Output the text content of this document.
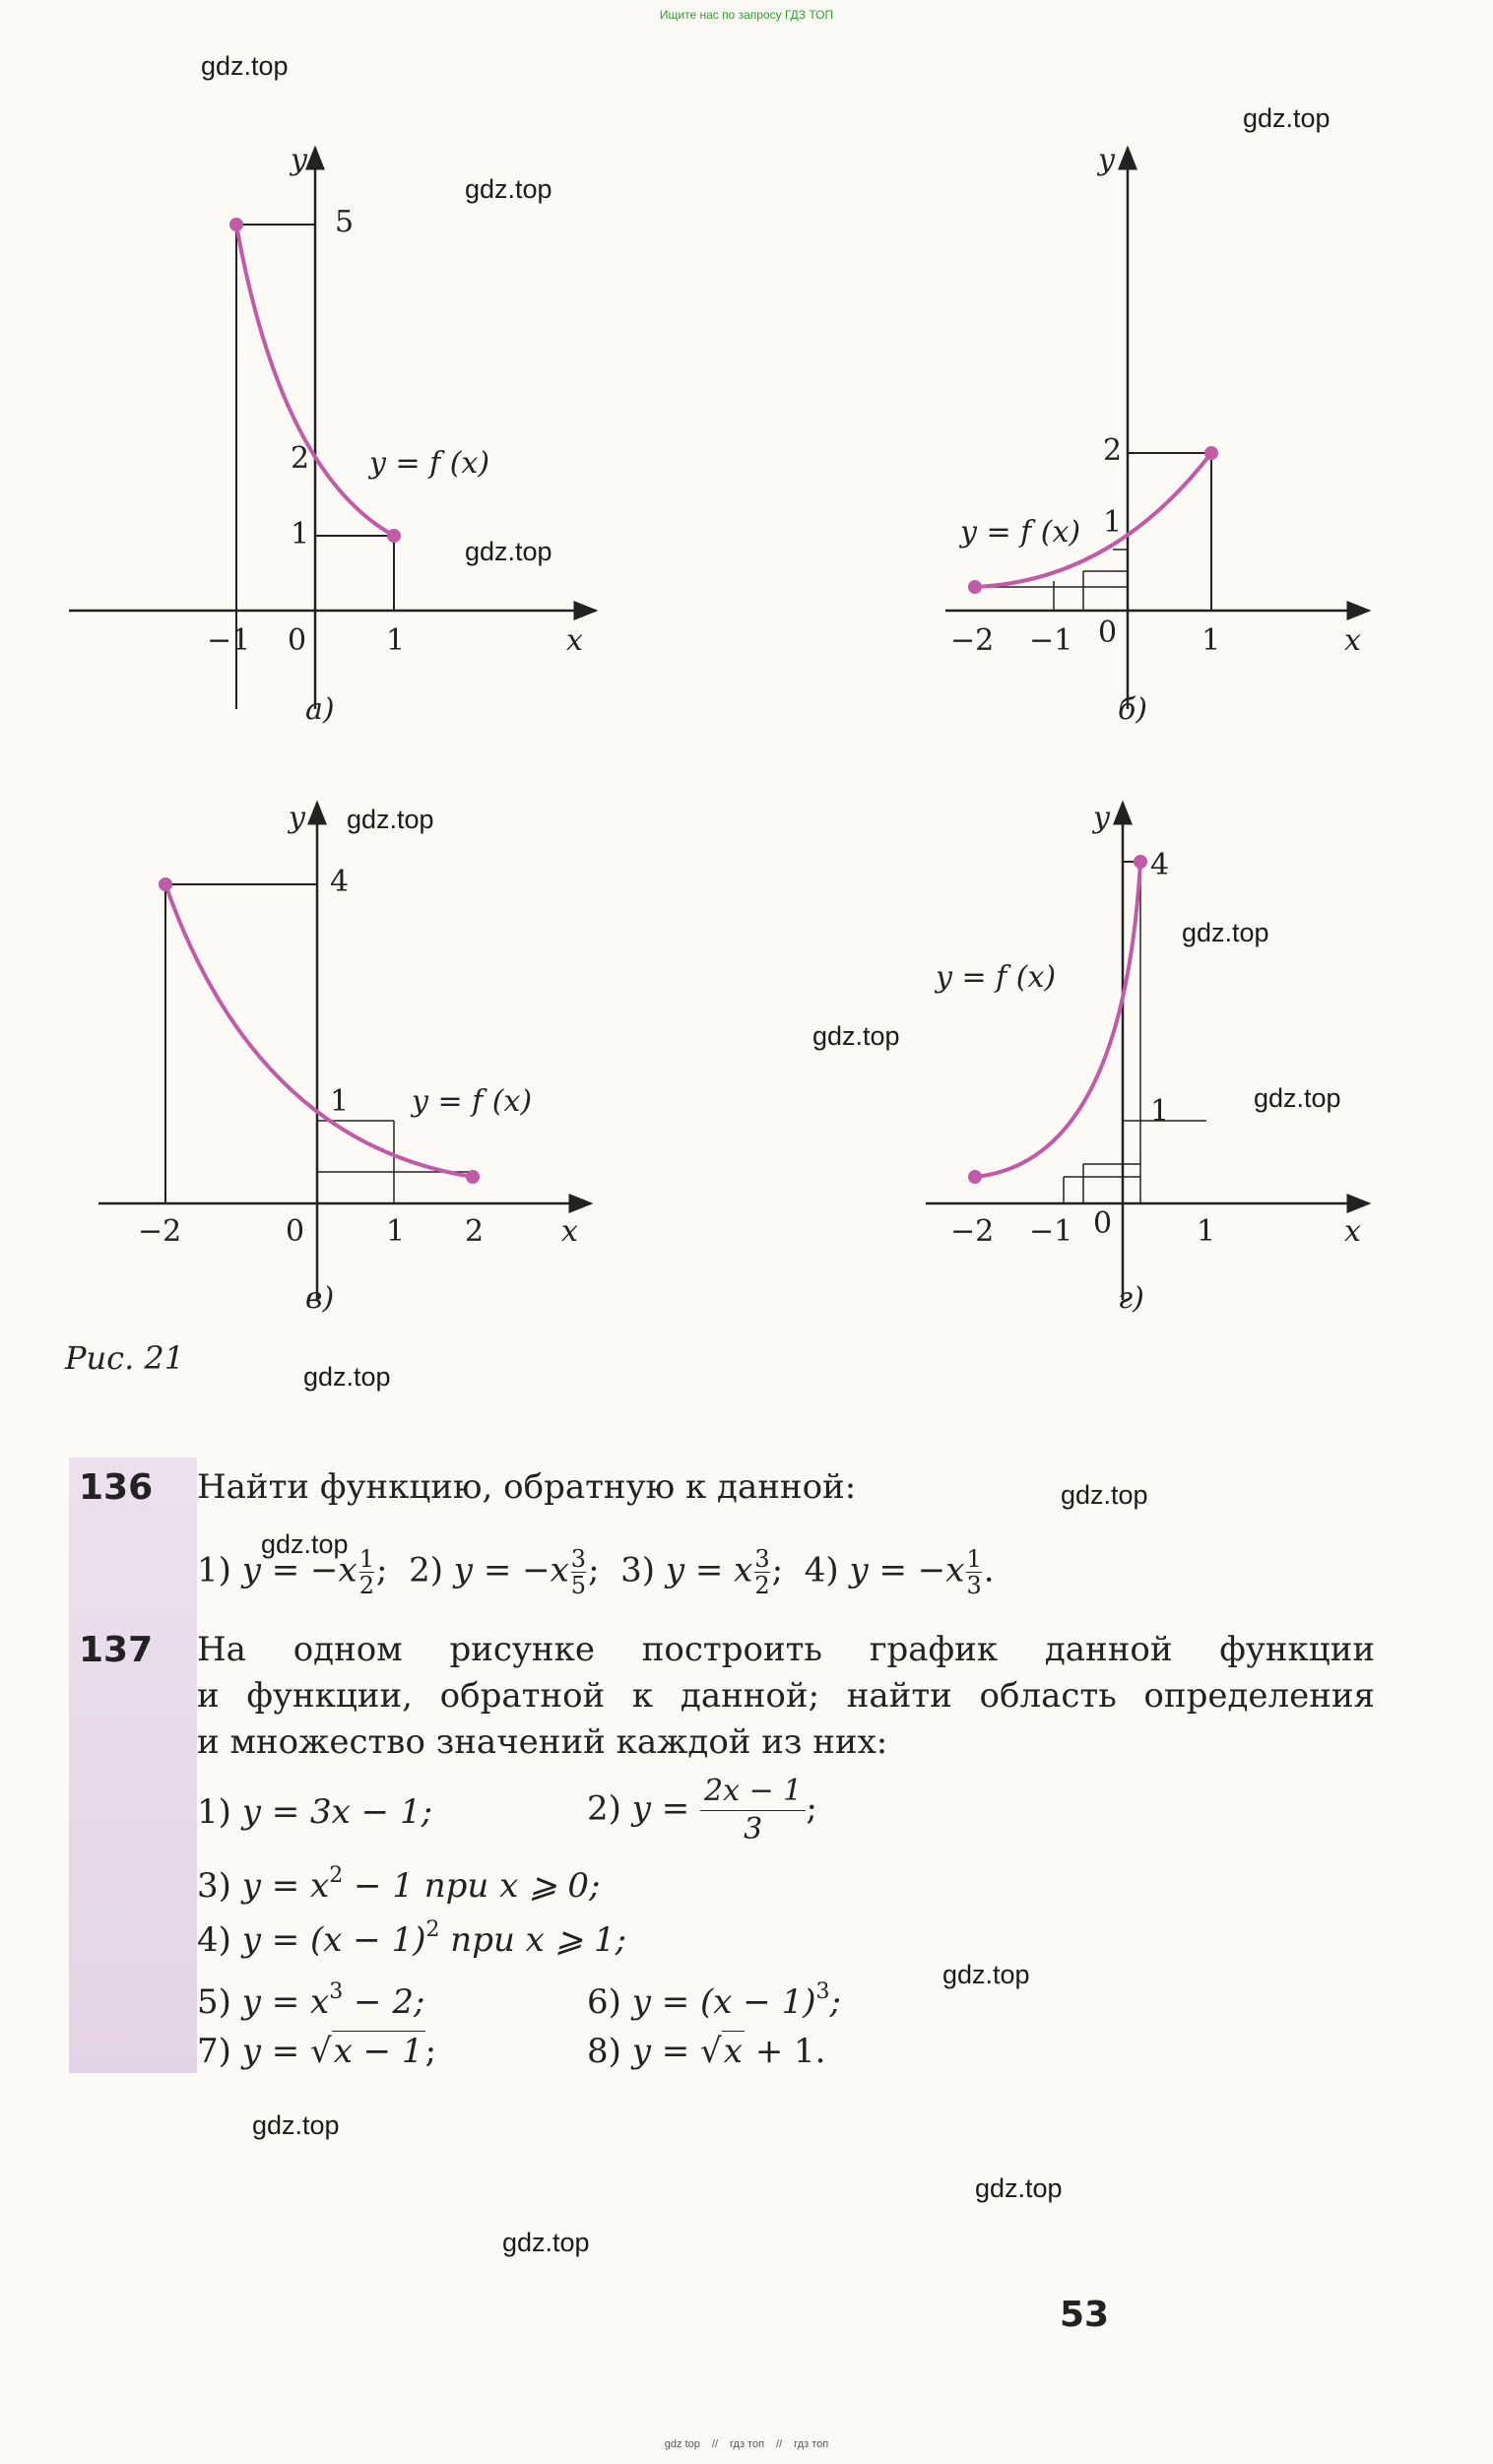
Ищите нас по запросу ГДЗ ТОП
y
x
5
2
1
−1 0	1
y = f (x)
а)
y
x
2
1
−2 −1 0	1
y = f (x)
б)
y
x
4
1
−2	0	1 2
y = f (x)
в)
y
x
4
1
−2 −1 0	1
y = f (x)
г)
Рис. 21
gdz.top
gdz.top
gdz.top
gdz.top
gdz.top
gdz.top
gdz.top
gdz.top
gdz.top
gdz.top
gdz.top
gdz.top
gdz.top
gdz.top
gdz.top
136 Найти функцию, обратную к данной:
1) $y = -x \frac{1}{2}$ ; 2) $y = -x \frac{3}{5}$ ; 3) y = x $\frac{3}{2}$ ; 4) $y = -x \frac{1}{3}$ .
137 На одном рисунке построить график данной функции
и функции, обратной к данной; найти область определения
и множество значений каждой из них:
1) y = 3x − 1;	2) $y = \frac{2x - 1}{3}$ ;
3) $y = x^2 - 1$ при x ⩾ 0;
4) $y = (x - 1)^2$ при x ⩾ 1;
5) $y = x^3 - 2$;	6) $y = (x - 1)^3$;
7) y = √x − 1;	8) y = √x + 1.
53
gdz top // гдз топ // гдз топ
